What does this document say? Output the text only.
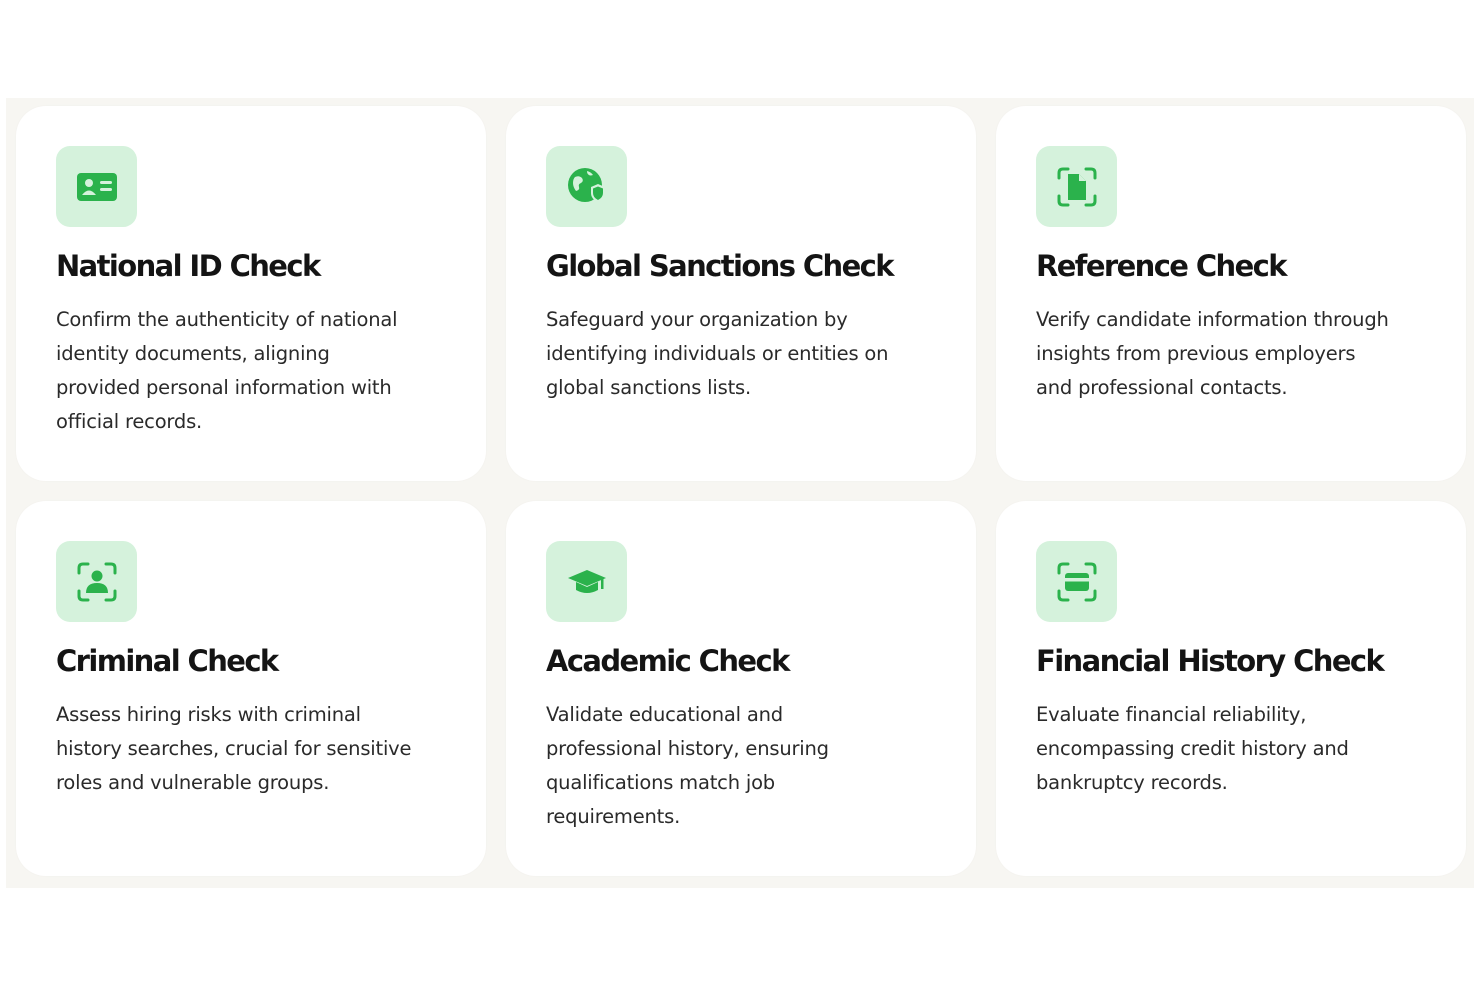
National ID Check
Confirm the authenticity of national
identity documents, aligning
provided personal information with
official records.
Global Sanctions Check
Safeguard your organization by
identifying individuals or entities on
global sanctions lists.
Reference Check
Verify candidate information through
insights from previous employers
and professional contacts.
Criminal Check
Assess hiring risks with criminal
history searches, crucial for sensitive
roles and vulnerable groups.
Academic Check
Validate educational and
professional history, ensuring
qualifications match job
requirements.
Financial History Check
Evaluate financial reliability,
encompassing credit history and
bankruptcy records.
